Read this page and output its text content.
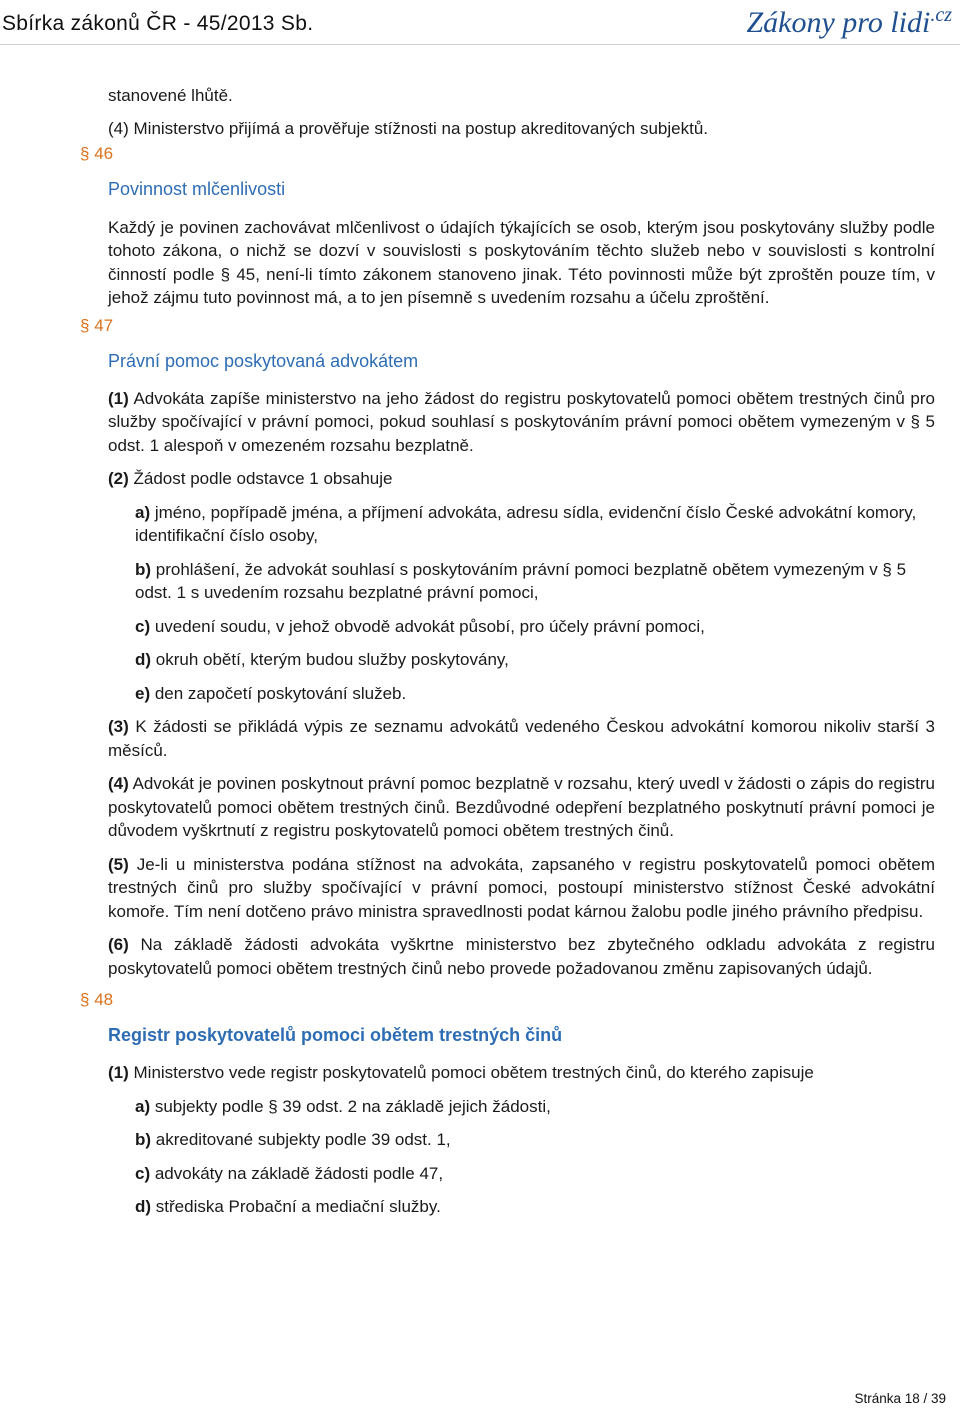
Sbírka zákonů ČR - 45/2013 Sb.	Zákony pro lidi$^{.cz}$

stanovené lhůtě.

(4) Ministerstvo přijímá a prověřuje stížnosti na postup akreditovaných subjektů.

§ 46
Povinnost mlčenlivosti

Každý je povinen zachovávat mlčenlivost o údajích týkajících se osob, kterým jsou poskytovány služby podle tohoto zákona, o nichž se dozví v souvislosti s poskytováním těchto služeb nebo v souvislosti s kontrolní činností podle § 45, není-li tímto zákonem stanoveno jinak. Této povinnosti může být zproštěn pouze tím, v jehož zájmu tuto povinnost má, a to jen písemně s uvedením rozsahu a účelu zproštění.

§ 47
Právní pomoc poskytovaná advokátem

(1) Advokáta zapíše ministerstvo na jeho žádost do registru poskytovatelů pomoci obětem trestných činů pro služby spočívající v právní pomoci, pokud souhlasí s poskytováním právní pomoci obětem vymezeným v § 5 odst. 1 alespoň v omezeném rozsahu bezplatně.

(2) Žádost podle odstavce 1 obsahuje

a) jméno, popřípadě jména, a příjmení advokáta, adresu sídla, evidenční číslo České advokátní komory, identifikační číslo osoby,

b) prohlášení, že advokát souhlasí s poskytováním právní pomoci bezplatně obětem vymezeným v § 5 odst. 1 s uvedením rozsahu bezplatné právní pomoci,

c) uvedení soudu, v jehož obvodě advokát působí, pro účely právní pomoci,

d) okruh obětí, kterým budou služby poskytovány,

e) den započetí poskytování služeb.

(3) K žádosti se přikládá výpis ze seznamu advokátů vedeného Českou advokátní komorou nikoliv starší 3 měsíců.

(4) Advokát je povinen poskytnout právní pomoc bezplatně v rozsahu, který uvedl v žádosti o zápis do registru poskytovatelů pomoci obětem trestných činů. Bezdůvodné odepření bezplatného poskytnutí právní pomoci je důvodem vyškrtnutí z registru poskytovatelů pomoci obětem trestných činů.

(5) Je-li u ministerstva podána stížnost na advokáta, zapsaného v registru poskytovatelů pomoci obětem trestných činů pro služby spočívající v právní pomoci, postoupí ministerstvo stížnost České advokátní komoře. Tím není dotčeno právo ministra spravedlnosti podat kárnou žalobu podle jiného právního předpisu.

(6) Na základě žádosti advokáta vyškrtne ministerstvo bez zbytečného odkladu advokáta z registru poskytovatelů pomoci obětem trestných činů nebo provede požadovanou změnu zapisovaných údajů.

§ 48
Registr poskytovatelů pomoci obětem trestných činů

(1) Ministerstvo vede registr poskytovatelů pomoci obětem trestných činů, do kterého zapisuje

a) subjekty podle § 39 odst. 2 na základě jejich žádosti,

b) akreditované subjekty podle 39 odst. 1,

c) advokáty na základě žádosti podle 47,

d) střediska Probační a mediační služby.

Stránka 18 / 39
